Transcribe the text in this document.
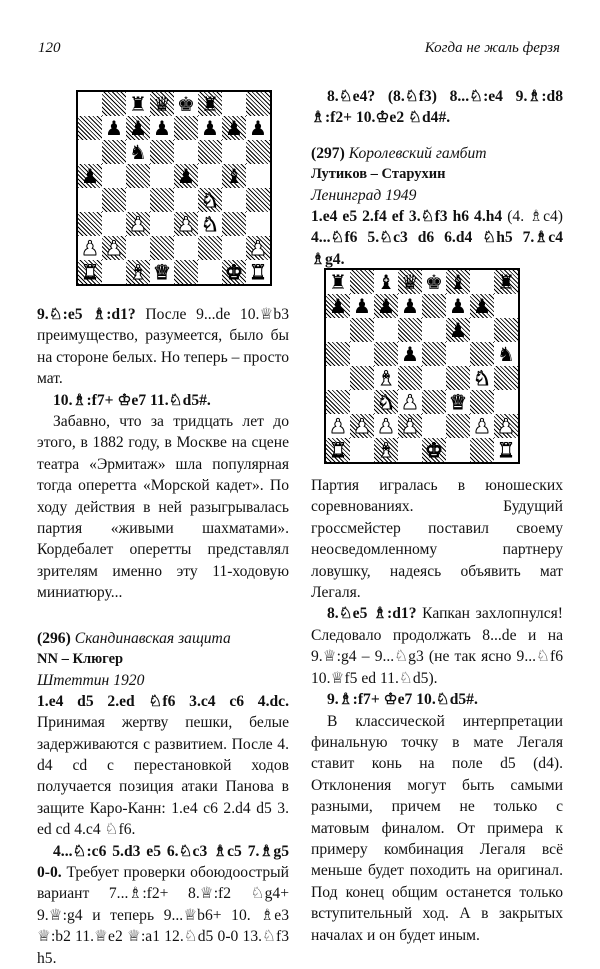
120	Когда не жаль ферзя
♜ ♛ ♚ ♜
♟ ♟ ♟ ♟ ♟ ♟
♞
♟	♟ ♝
♞
♟ ♟ ♞
♟ ♟	♟
♜ ♝ ♛	♚ ♜	♜ ♝ ♛ ♚ ♝ ♜
♟ ♟ ♟ ♟ ♟ ♟
♟
♟	♞
♝	♞
♞ ♟ ♛
♟ ♟ ♟ ♟	♟ ♟
♜ ♝ ♚	♜

9.♘:e5 ♗:d1? После 9...de 10.♕b3 преимущество, разумеется, было бы на стороне белых. Но теперь – просто мат.

10.♗:f7+ ♔e7 11.♘d5#.

Забавно, что за тридцать лет до этого, в 1882 году, в Москве на сцене театра «Эрмитаж» шла популярная тогда оперетта «Морской кадет». По ходу действия в ней разыгрывалась партия «живыми шахматами». Кордебалет оперетты представлял зрителям именно эту 11-ходовую миниатюру...

(296) Скандинавская защита

NN – Клюгер

Штеттин 1920

1.e4 d5 2.ed ♘f6 3.c4 c6 4.dc. Принимая жертву пешки, белые задерживаются с развитием. После 4. d4 cd с перестановкой ходов получается позиция атаки Панова в защите Каро-Канн: 1.e4 c6 2.d4 d5 3. ed cd 4.c4 ♘f6.

4...♘:c6 5.d3 e5 6.♘c3 ♗c5 7.♗g5 0-0. Требует проверки обоюдоострый вариант 7...♗:f2+ 8.♕:f2 ♘g4+ 9.♕:g4 и теперь 9...♕b6+ 10. ♗e3 ♕:b2 11.♕e2 ♕:a1 12.♘d5 0-0 13.♘f3 h5.

8.♘e4? (8.♘f3) 8...♘:e4 9.♗:d8 ♗:f2+ 10.♔e2 ♘d4#.

(297) Королевский гамбит

Лутиков – Старухин

Ленинград 1949

1.e4 e5 2.f4 ef 3.♘f3 h6 4.h4 (4. ♗c4) 4...♘f6 5.♘c3 d6 6.d4 ♘h5 7.♗c4 ♗g4.

Партия игралась в юношеских соревнованиях. Будущий гроссмейстер поставил своему неосведомленному партнеру ловушку, надеясь объявить мат Легаля.

8.♘e5 ♗:d1? Капкан захлопнулся! Следовало продолжать 8...de и на 9.♕:g4 – 9...♘g3 (не так ясно 9...♘f6 10.♕f5 ed 11.♘d5).

9.♗:f7+ ♔e7 10.♘d5#.

В классической интерпретации финальную точку в мате Легаля ставит конь на поле d5 (d4). Отклонения могут быть самыми разными, причем не только с матовым финалом. От примера к примеру комбинация Легаля всё меньше будет походить на оригинал. Под конец общим останется только вступительный ход. А в закрытых началах и он будет иным.
